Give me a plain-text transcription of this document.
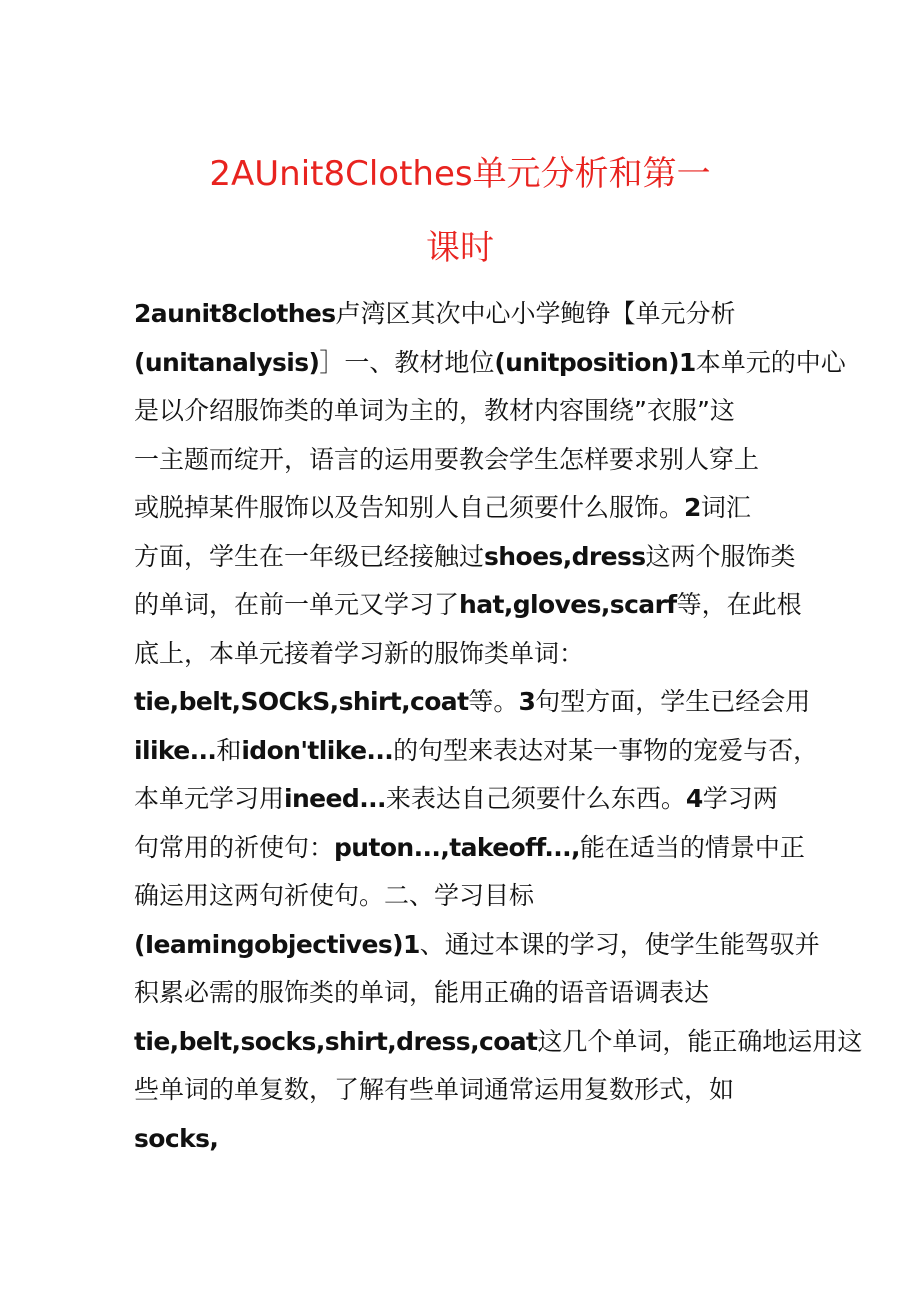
2AUnit8Clothes单元分析和第一
课时
2aunit8clothes卢湾区其次中心小学鲍铮【单元分析
(unitanalysis)］一、教材地位(unitposition)1本单元的中心
是以介绍服饰类的单词为主的，教材内容围绕”衣服”这
一主题而绽开，语言的运用要教会学生怎样要求别人穿上
或脱掉某件服饰以及告知别人自己须要什么服饰。2词汇
方面，学生在一年级已经接触过shoes,dress这两个服饰类
的单词，在前一单元又学习了hat,gloves,scarf等，在此根
底上，本单元接着学习新的服饰类单词：
tie,belt,SOCkS,shirt,coat等。3句型方面，学生已经会用
ilike...和idon'tlike...的句型来表达对某一事物的宠爱与否，
本单元学习用ineed...来表达自己须要什么东西。4学习两
句常用的祈使句：puton...,takeoff...,能在适当的情景中正
确运用这两句祈使句。二、学习目标
(Ieamingobjectives)1、通过本课的学习，使学生能驾驭并
积累必需的服饰类的单词，能用正确的语音语调表达
tie,belt,socks,shirt,dress,coat这几个单词，能正确地运用这
些单词的单复数，了解有些单词通常运用复数形式，如
socks,
